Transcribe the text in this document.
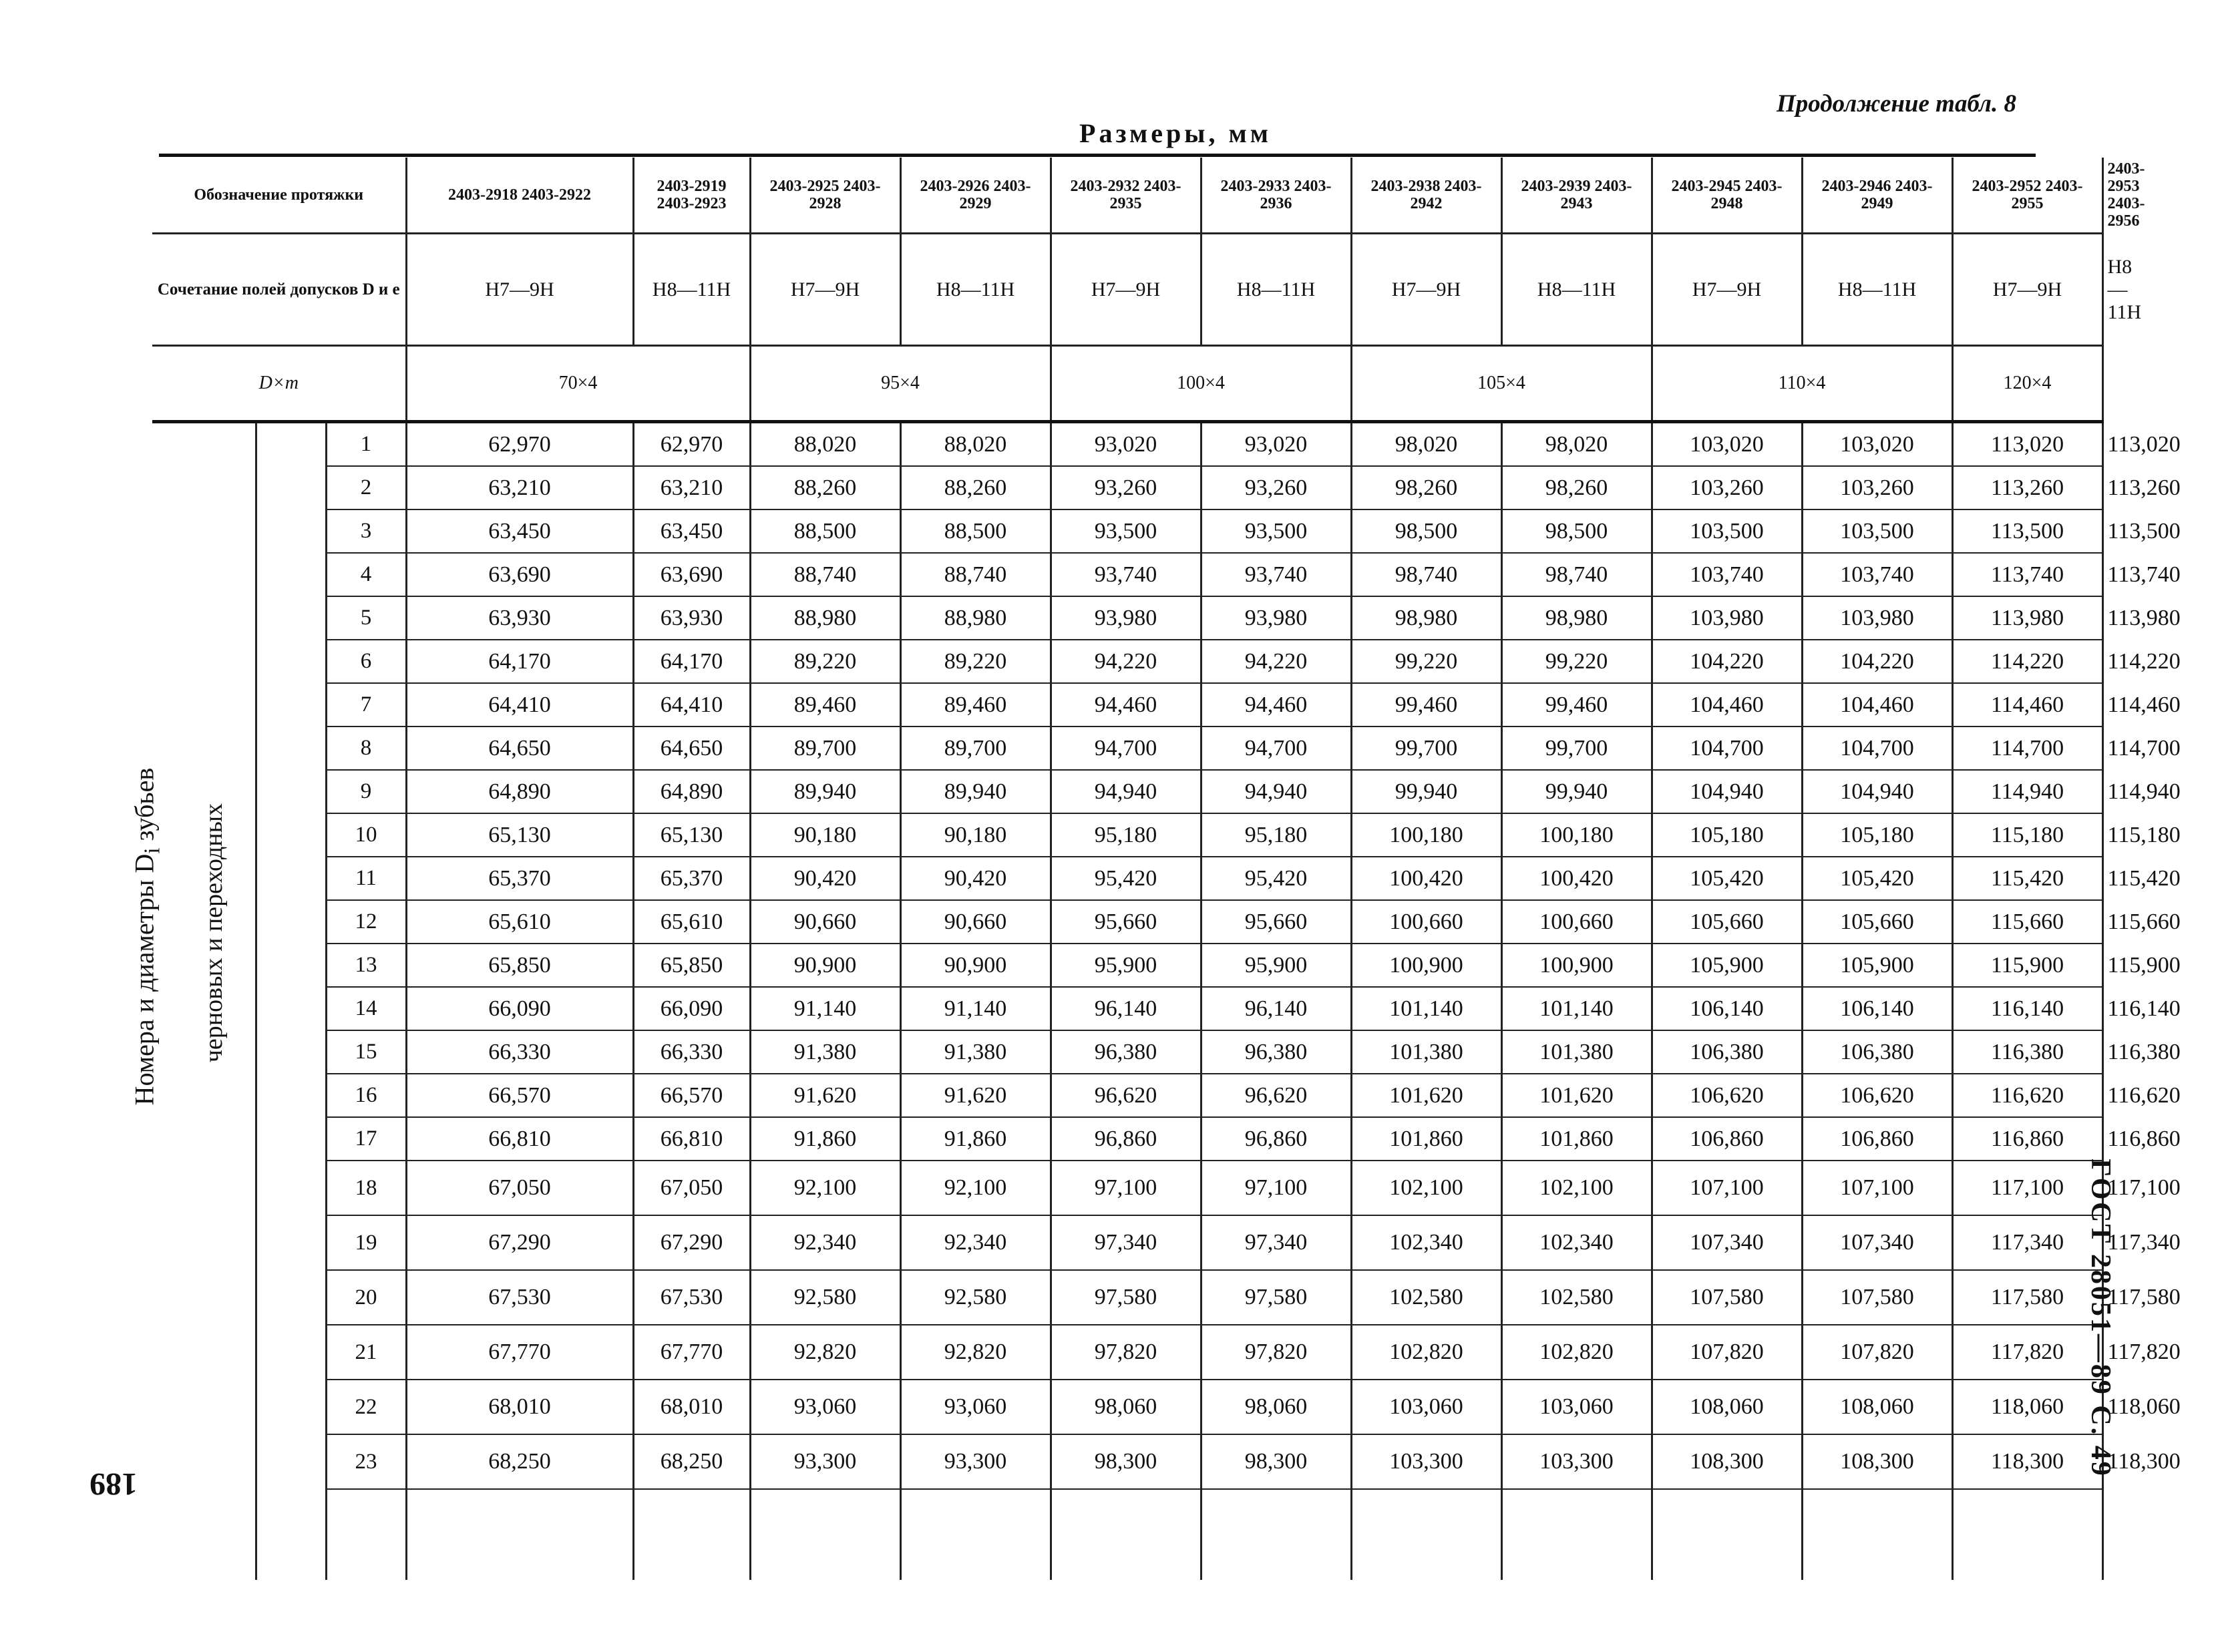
Продолжение табл. 8
Размеры, мм
Обозначение протяжки			2403-2918 2403-2922	2403-2919 2403-2923	2403-2925 2403-2928	2403-2926 2403-2929	2403-2932 2403-2935	2403-2933 2403-2936	2403-2938 2403-2942	2403-2939 2403-2943	2403-2945 2403-2948	2403-2946 2403-2949	2403-2952 2403-2955	2403-2953 2403-2956
Сочетание полей допусков D и e			H7—9H	H8—11H	H7—9H	H8—11H	H7—9H	H8—11H	H7—9H	H8—11H	H7—9H	H8—11H	H7—9H	H8—11H
D×m			70×4		95×4		100×4		105×4		110×4		120×4	
		1	62,970	62,970	88,020	88,020	93,020	93,020	98,020	98,020	103,020	103,020	113,020	113,020
		2	63,210	63,210	88,260	88,260	93,260	93,260	98,260	98,260	103,260	103,260	113,260	113,260
		3	63,450	63,450	88,500	88,500	93,500	93,500	98,500	98,500	103,500	103,500	113,500	113,500
		4	63,690	63,690	88,740	88,740	93,740	93,740	98,740	98,740	103,740	103,740	113,740	113,740
		5	63,930	63,930	88,980	88,980	93,980	93,980	98,980	98,980	103,980	103,980	113,980	113,980
		6	64,170	64,170	89,220	89,220	94,220	94,220	99,220	99,220	104,220	104,220	114,220	114,220
		7	64,410	64,410	89,460	89,460	94,460	94,460	99,460	99,460	104,460	104,460	114,460	114,460
		8	64,650	64,650	89,700	89,700	94,700	94,700	99,700	99,700	104,700	104,700	114,700	114,700
		9	64,890	64,890	89,940	89,940	94,940	94,940	99,940	99,940	104,940	104,940	114,940	114,940
		10	65,130	65,130	90,180	90,180	95,180	95,180	100,180	100,180	105,180	105,180	115,180	115,180
		11	65,370	65,370	90,420	90,420	95,420	95,420	100,420	100,420	105,420	105,420	115,420	115,420
		12	65,610	65,610	90,660	90,660	95,660	95,660	100,660	100,660	105,660	105,660	115,660	115,660
		13	65,850	65,850	90,900	90,900	95,900	95,900	100,900	100,900	105,900	105,900	115,900	115,900
		14	66,090	66,090	91,140	91,140	96,140	96,140	101,140	101,140	106,140	106,140	116,140	116,140
		15	66,330	66,330	91,380	91,380	96,380	96,380	101,380	101,380	106,380	106,380	116,380	116,380
		16	66,570	66,570	91,620	91,620	96,620	96,620	101,620	101,620	106,620	106,620	116,620	116,620
		17	66,810	66,810	91,860	91,860	96,860	96,860	101,860	101,860	106,860	106,860	116,860	116,860
		18	67,050	67,050	92,100	92,100	97,100	97,100	102,100	102,100	107,100	107,100	117,100	117,100
		19	67,290	67,290	92,340	92,340	97,340	97,340	102,340	102,340	107,340	107,340	117,340	117,340
		20	67,530	67,530	92,580	92,580	97,580	97,580	102,580	102,580	107,580	107,580	117,580	117,580
		21	67,770	67,770	92,820	92,820	97,820	97,820	102,820	102,820	107,820	107,820	117,820	117,820
		22	68,010	68,010	93,060	93,060	98,060	98,060	103,060	103,060	108,060	108,060	118,060	118,060
		23	68,250	68,250	93,300	93,300	98,300	98,300	103,300	103,300	108,300	108,300	118,300	118,300

Номера и диаметры $D_i$ зубьев черновых и переходных
ГОСТ 28051—89 С. 49
189
